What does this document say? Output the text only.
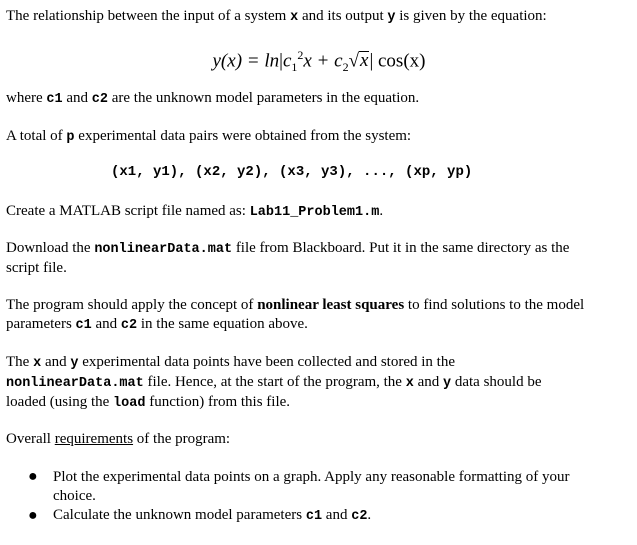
The relationship between the input of a system x and its output y is given by the equation:

$y(x) = \ln|c_1^2x + c_2√x|$ cos(x)

where c1 and c2 are the unknown model parameters in the equation.

A total of p experimental data pairs were obtained from the system:

(x1, y1), (x2, y2), (x3, y3), ..., (xp, yp)

Create a MATLAB script file named as: Lab11_Problem1.m.

Download the nonlinearData.mat file from Blackboard. Put it in the same directory as the
script file.

The program should apply the concept of nonlinear least squares to find solutions to the model
parameters c1 and c2 in the same equation above.

The x and y experimental data points have been collected and stored in the
nonlinearData.mat file. Hence, at the start of the program, the x and y data should be
loaded (using the load function) from this file.

Overall requirements of the program:

● Plot the experimental data points on a graph. Apply any reasonable formatting of your
choice.

● Calculate the unknown model parameters c1 and c2.
